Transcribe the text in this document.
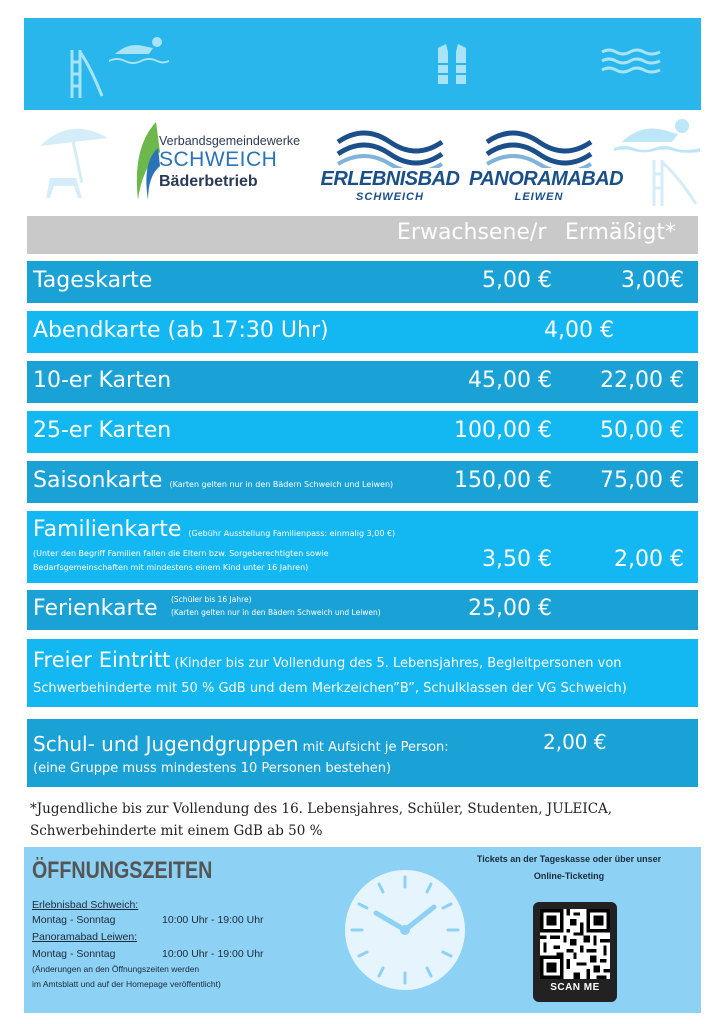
Verbandsgemeindewerke
SCHWEICH
Bäderbetrieb	ERLEBNISBAD
SCHWEICH
PANORAMABAD
LEIWEN
Erwachsene/r Ermäßigt*
Tageskarte	5,00 €	3,00€
Abendkarte (ab 17:30 Uhr)	4,00 €
10-er Karten	45,00 € 22,00 €
25-er Karten	100,00 € 50,00 €
Saisonkarte (Karten gelten nur in den Bädern Schweich und Leiwen)	150,00 € 75,00 €
Familienkarte (Gebühr Ausstellung Familienpass: einmalig 3,00 €)
(Unter den Begriff Familien fallen die Eltern bzw. Sorgeberechtigten sowie
Bedarfsgemeinschaften mit mindestens einem Kind unter 16 Jahren)	3,50 €	2,00 €
Ferienkarte (Schüler bis 16 Jahre)
(Karten gelten nur in den Bädern Schweich und Leiwen)	25,00 €
Freier Eintritt (Kinder bis zur Vollendung des 5. Lebensjahres, Begleitpersonen von
Schwerbehinderte mit 50 % GdB und dem Merkzeichen”B”, Schulklassen der VG Schweich)
Schul- und Jugendgruppen mit Aufsicht je Person:	2,00 €
(eine Gruppe muss mindestens 10 Personen bestehen)
*Jugendliche bis zur Vollendung des 16. Lebensjahres, Schüler, Studenten, JULEICA,
Schwerbehinderte mit einem GdB ab 50 %
ÖFFNUNGSZEITEN
Erlebnisbad Schweich:
Montag - Sonntag	10:00 Uhr - 19:00 Uhr
Panoramabad Leiwen:
Montag - Sonntag	10:00 Uhr - 19:00 Uhr
(Änderungen an den Öffnungszeiten werden
im Amtsblatt und auf der Homepage veröffentlicht)
Tickets an der Tageskasse oder über unser
Online-Ticketing
SCAN ME
